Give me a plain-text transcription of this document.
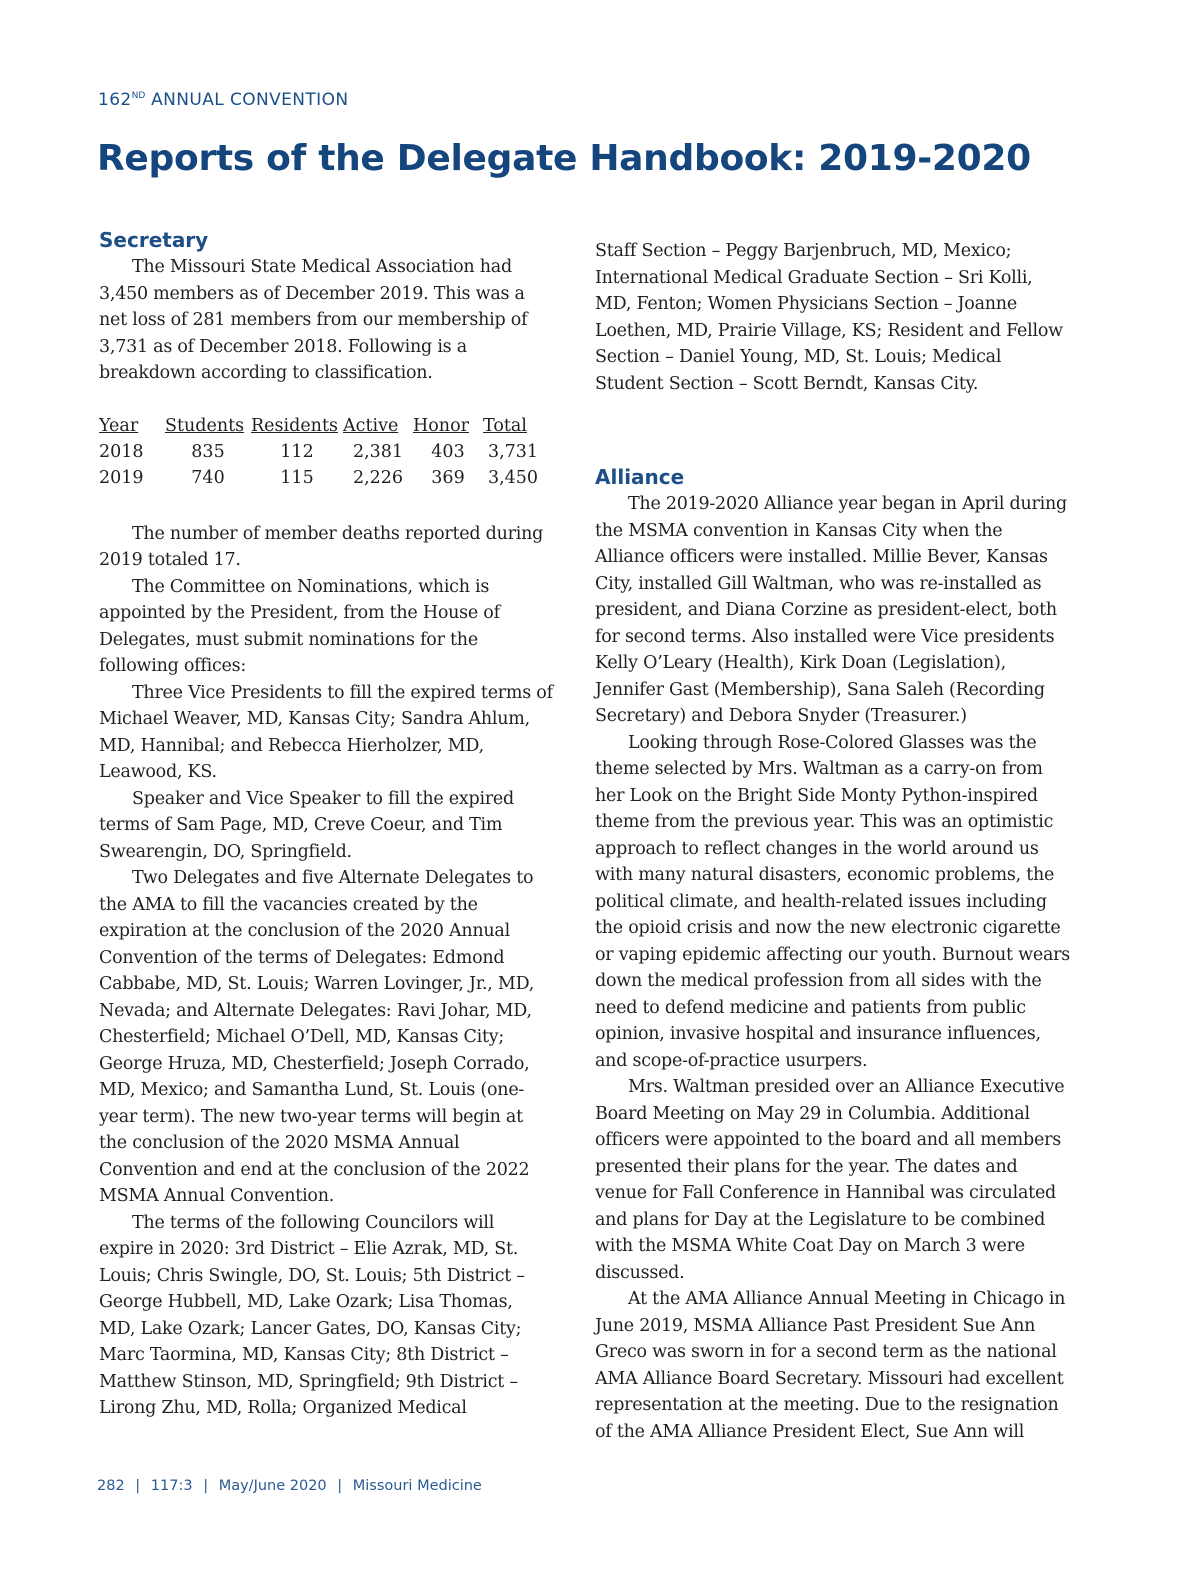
162ND ANNUAL CONVENTION
Reports of the Delegate Handbook: 2019-2020
Secretary

The Missouri State Medical Association had 3,450 members as of December 2019. This was a net loss of 281 members from our membership of 3,731 as of December 2018. Following is a breakdown according to classification.

Year	Students	Residents	Active	Honor	Total
2018	835	112	2,381	403	3,731
2019	740	115	2,226	369	3,450

The number of member deaths reported during 2019 totaled 17.

The Committee on Nominations, which is appointed by the President, from the House of Delegates, must submit nominations for the following offices:

Three Vice Presidents to fill the expired terms of Michael Weaver, MD, Kansas City; Sandra Ahlum, MD, Hannibal; and Rebecca Hierholzer, MD, Leawood, KS.

Speaker and Vice Speaker to fill the expired terms of Sam Page, MD, Creve Coeur, and Tim Swearengin, DO, Springfield.

Two Delegates and five Alternate Delegates to the AMA to fill the vacancies created by the expiration at the conclusion of the 2020 Annual Convention of the terms of Delegates: Edmond Cabbabe, MD, St. Louis; Warren Lovinger, Jr., MD, Nevada; and Alternate Delegates: Ravi Johar, MD, Chesterfield; Michael O’Dell, MD, Kansas City; George Hruza, MD, Chesterfield; Joseph Corrado, MD, Mexico; and Samantha Lund, St. Louis (one-year term). The new two-year terms will begin at the conclusion of the 2020 MSMA Annual Convention and end at the conclusion of the 2022 MSMA Annual Convention.

The terms of the following Councilors will expire in 2020: 3rd District – Elie Azrak, MD, St. Louis; Chris Swingle, DO, St. Louis; 5th District – George Hubbell, MD, Lake Ozark; Lisa Thomas, MD, Lake Ozark; Lancer Gates, DO, Kansas City; Marc Taormina, MD, Kansas City; 8th District – Matthew Stinson, MD, Springfield; 9th District – Lirong Zhu, MD, Rolla; Organized Medical

Staff Section – Peggy Barjenbruch, MD, Mexico; International Medical Graduate Section – Sri Kolli, MD, Fenton; Women Physicians Section – Joanne Loethen, MD, Prairie Village, KS; Resident and Fellow Section – Daniel Young, MD, St. Louis; Medical Student Section – Scott Berndt, Kansas City.

Alliance

The 2019-2020 Alliance year began in April during the MSMA convention in Kansas City when the Alliance officers were installed. Millie Bever, Kansas City, installed Gill Waltman, who was re-installed as president, and Diana Corzine as president-elect, both for second terms. Also installed were Vice presidents Kelly O’Leary (Health), Kirk Doan (Legislation), Jennifer Gast (Membership), Sana Saleh (Recording Secretary) and Debora Snyder (Treasurer.)

Looking through Rose-Colored Glasses was the theme selected by Mrs. Waltman as a carry-on from her Look on the Bright Side Monty Python-inspired theme from the previous year. This was an optimistic approach to reflect changes in the world around us with many natural disasters, economic problems, the political climate, and health-related issues including the opioid crisis and now the new electronic cigarette or vaping epidemic affecting our youth. Burnout wears down the medical profession from all sides with the need to defend medicine and patients from public opinion, invasive hospital and insurance influences, and scope-of-practice usurpers.

Mrs. Waltman presided over an Alliance Executive Board Meeting on May 29 in Columbia. Additional officers were appointed to the board and all members presented their plans for the year. The dates and venue for Fall Conference in Hannibal was circulated and plans for Day at the Legislature to be combined with the MSMA White Coat Day on March 3 were discussed.

At the AMA Alliance Annual Meeting in Chicago in June 2019, MSMA Alliance Past President Sue Ann Greco was sworn in for a second term as the national AMA Alliance Board Secretary. Missouri had excellent representation at the meeting. Due to the resignation of the AMA Alliance President Elect, Sue Ann will

282 | 117:3 | May/June 2020 | Missouri Medicine
